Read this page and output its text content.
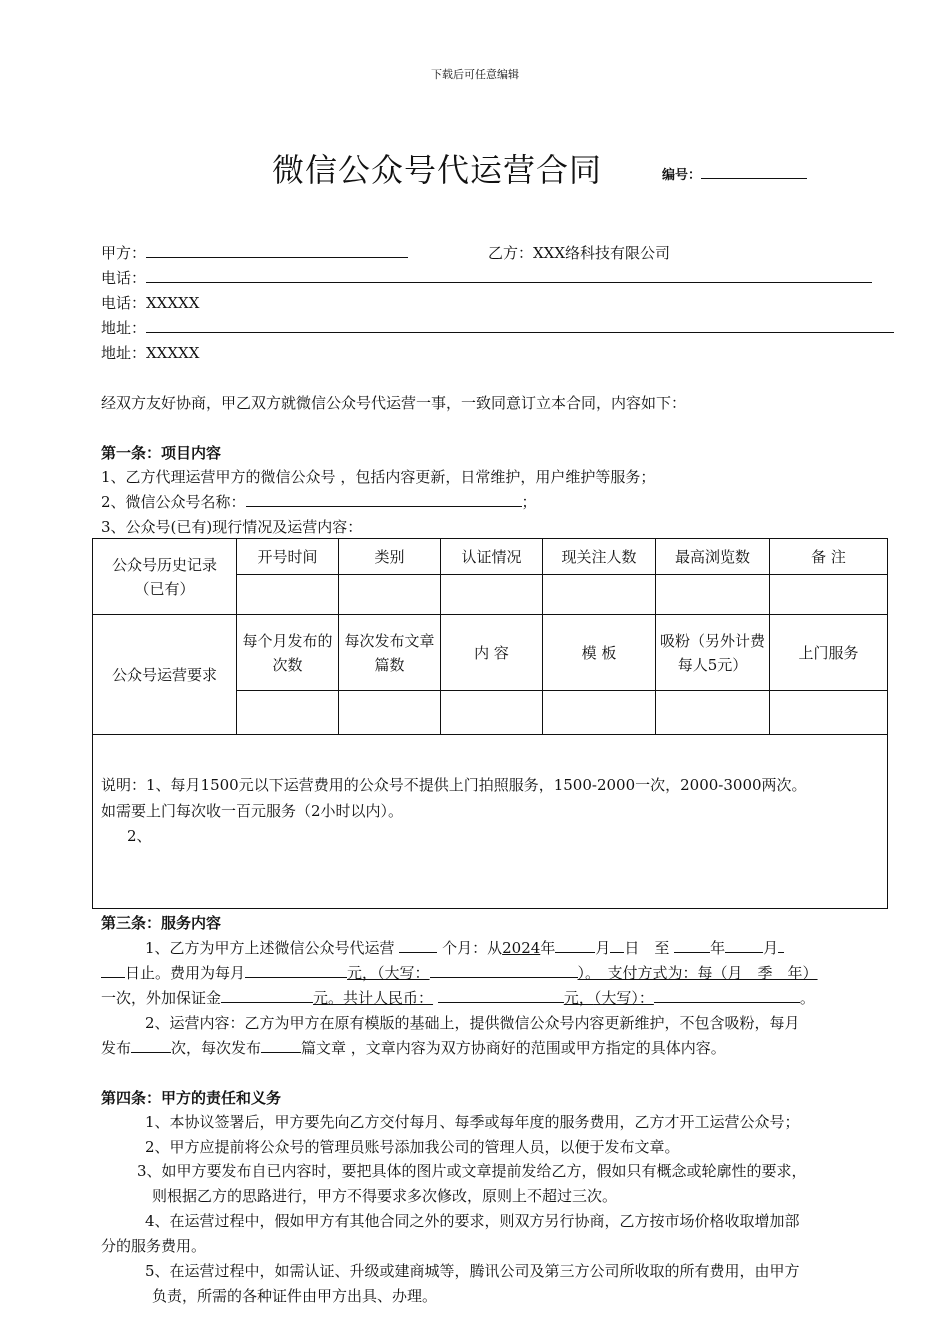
下载后可任意编辑
微信公众号代运营合同	编号：
甲方：	乙方：XXX络科技有限公司
电话：
电话：XXXXX
地址：
地址：XXXXX
经双方友好协商，甲乙双方就微信公众号代运营一事，一致同意订立本合同，内容如下：
第一条：项目内容
1、乙方代理运营甲方的微信公众号 ，包括内容更新，日常维护，用户维护等服务；
2、微信公众号名称：	；
3、公众号(已有)现行情况及运营内容：
公众号历史记录
（已有）	开号时间	类别	认证情况	现关注人数	最高浏览数	备 注

公众号运营要求	每个月发布的次数	每次发布文章篇数	内 容	模 板	吸粉（另外计费每人5元）	上门服务

说明：1、每月1500元以下运营费用的公众号不提供上门拍照服务，1500-2000一次，2000-3000两次。
如需要上门每次收一百元服务（2小时以内）。
2、
第三条：服务内容
1、乙方为甲方上述微信公众号代运营	个月：从2024年	月 日　至	年	月
日止。费用为每月	元，（大写：	）。　支付方式为：每（月　季　年）
一次，外加保证金	元。共计人民币：	元，（大写）：	。
2、运营内容：乙方为甲方在原有模版的基础上，提供微信公众号内容更新维护，不包含吸粉，每月
发布	次，每次发布	篇文章 ，文章内容为双方协商好的范围或甲方指定的具体内容。
第四条：甲方的责任和义务
1、本协议签署后，甲方要先向乙方交付每月、每季或每年度的服务费用，乙方才开工运营公众号；
2、甲方应提前将公众号的管理员账号添加我公司的管理人员，以便于发布文章。
3、如甲方要发布自已内容时，要把具体的图片或文章提前发给乙方，假如只有概念或轮廓性的要求，
则根据乙方的思路进行，甲方不得要求多次修改，原则上不超过三次。
4、在运营过程中，假如甲方有其他合同之外的要求，则双方另行协商，乙方按市场价格收取增加部
分的服务费用。
5、在运营过程中，如需认证、升级或建商城等，腾讯公司及第三方公司所收取的所有费用，由甲方
负责，所需的各种证件由甲方出具、办理。
